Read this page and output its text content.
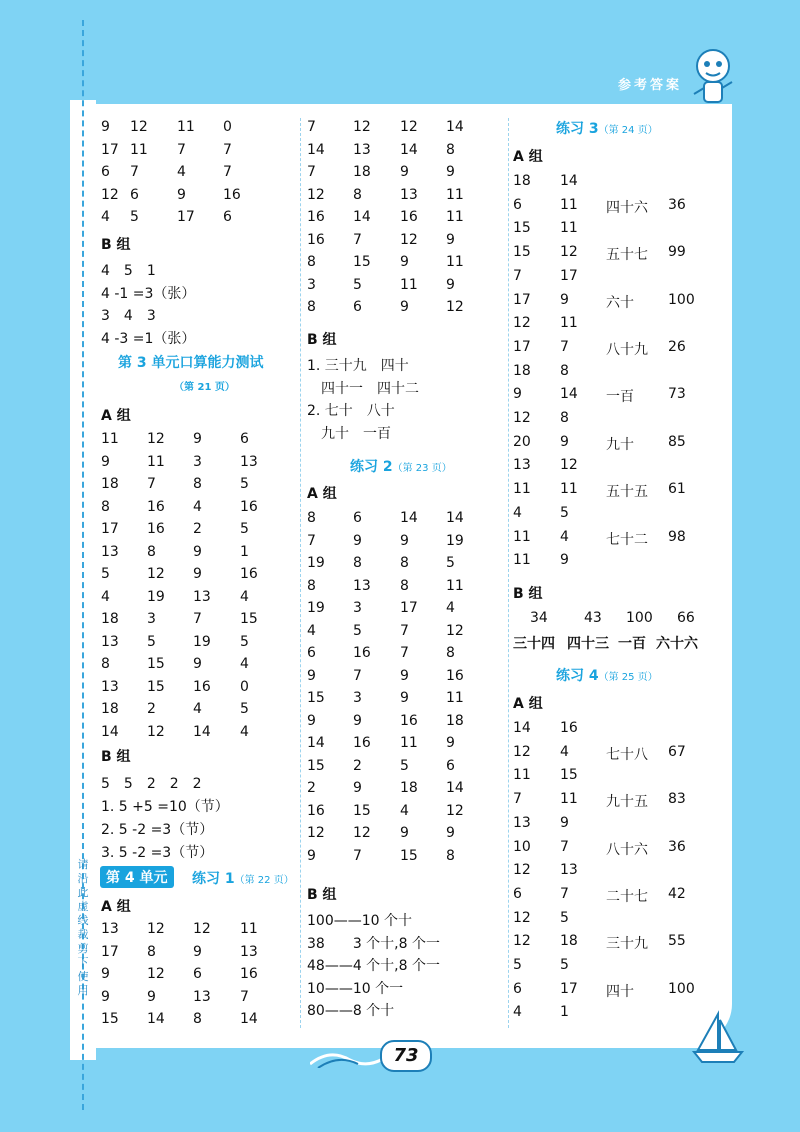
请沿此虚线裁剪下使用
参考答案
9 12 11 0
17 11 7	7
6 7	4	7
12 6	9	16
4 5	17 6
B 组
4　5　1
4 -1 =3（张）
3　4　3
4 -3 =1（张）
第 3 单元口算能力测试
（第 21 页）
A 组
11 12 9	6
9	11 3	13
18 7	8	5
8	16 4	16
17 16 2	5
13 8	9	1
5	12 9	16
4	19 13 4
18 3	7	15
13 5	19 5
8	15 9	4
13 15 16 0
18 2	4	5
14 12 14 4
B 组
5　5　2　2　2
1. 5 +5 =10（节）
2. 5 -2 =3（节）
3. 5 -2 =3（节）
练习 1（第 22 页）
A 组
13 12 12 11
17 8	9	13
9	12 6	16
9	9	13 7
15 14 8	14
7	12 12 14
14 13 14 8
7	18 9	9
12 8	13 11
16 14 16 11
16 7	12 9
8	15 9	11
3	5	11 9
8	6	9	12
B 组
1. 三十九　四十
　四十一　四十二
2. 七十　八十
　九十　一百
练习 2（第 23 页）
A 组
8	6	14 14
7	9	9	19
19 8	8	5
8	13 8	11
19 3	17 4
4	5	7	12
6	16 7	8
9	7	9	16
15 3	9	11
9	9	16 18
14 16 11 9
15 2	5	6
2	9	18 14
16 15 4	12
12 12 9	9
9	7	15 8
B 组
100——10 个十
38　　3 个十,8 个一
48——4 个十,8 个一
10——10 个一
80——8 个十
练习 3（第 24 页）
A 组
18 14
6	11 四十六 36
15 11
15 12 五十七 99
7	17
17 9	六十 100
12 11
17 7	八十九 26
18 8
9	14 一百 73
12 8
20 9	九十 85
13 12
11 11 五十五 61
4	5
11 4	七十二 98
11 9
B 组
34	43 100 66
三十四 四十三 一百 六十六
练习 4（第 25 页）
A 组
14 16
12 4	七十八 67
11 15
7	11 九十五 83
13 9
10 7	八十六 36
12 13
6	7	二十七 42
12 5
12 18 三十九 55
5	5
6	17 四十 100
4	1
第 4 单元
73
